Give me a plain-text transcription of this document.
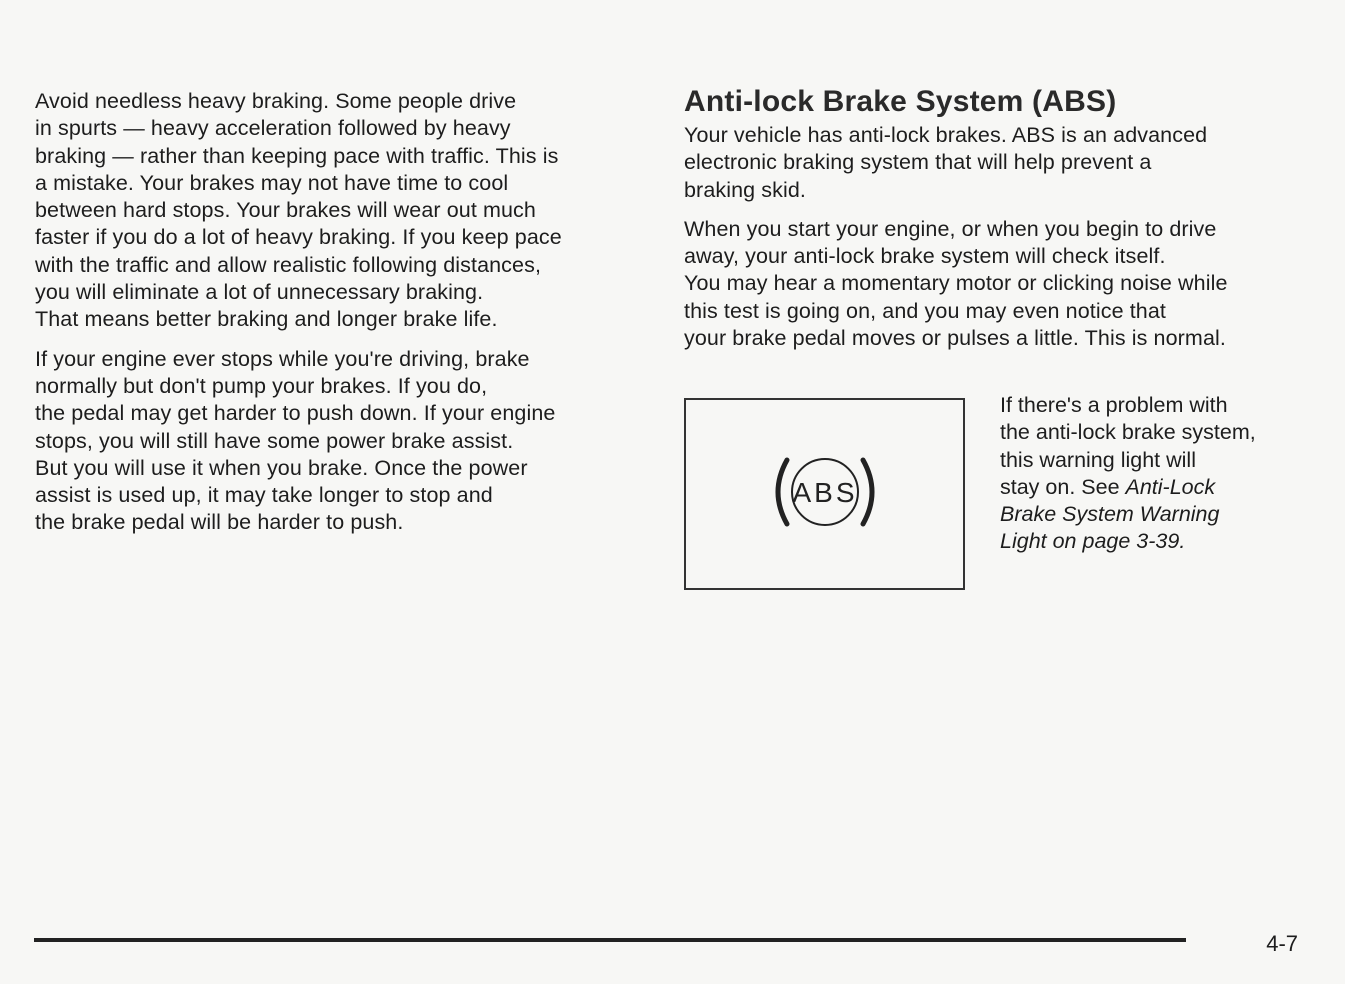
Avoid needless heavy braking. Some people drive
in spurts — heavy acceleration followed by heavy
braking — rather than keeping pace with traffic. This is
a mistake. Your brakes may not have time to cool
between hard stops. Your brakes will wear out much
faster if you do a lot of heavy braking. If you keep pace
with the traffic and allow realistic following distances,
you will eliminate a lot of unnecessary braking.
That means better braking and longer brake life.

If your engine ever stops while you're driving, brake
normally but don't pump your brakes. If you do,
the pedal may get harder to push down. If your engine
stops, you will still have some power brake assist.
But you will use it when you brake. Once the power
assist is used up, it may take longer to stop and
the brake pedal will be harder to push.

Anti-lock Brake System (ABS)

Your vehicle has anti-lock brakes. ABS is an advanced
electronic braking system that will help prevent a
braking skid.

When you start your engine, or when you begin to drive
away, your anti-lock brake system will check itself.
You may hear a momentary motor or clicking noise while
this test is going on, and you may even notice that
your brake pedal moves or pulses a little. This is normal.

ABS
If there's a problem with
the anti-lock brake system,
this warning light will
stay on. See Anti-Lock
Brake System Warning
Light on page 3-39.
4-7
